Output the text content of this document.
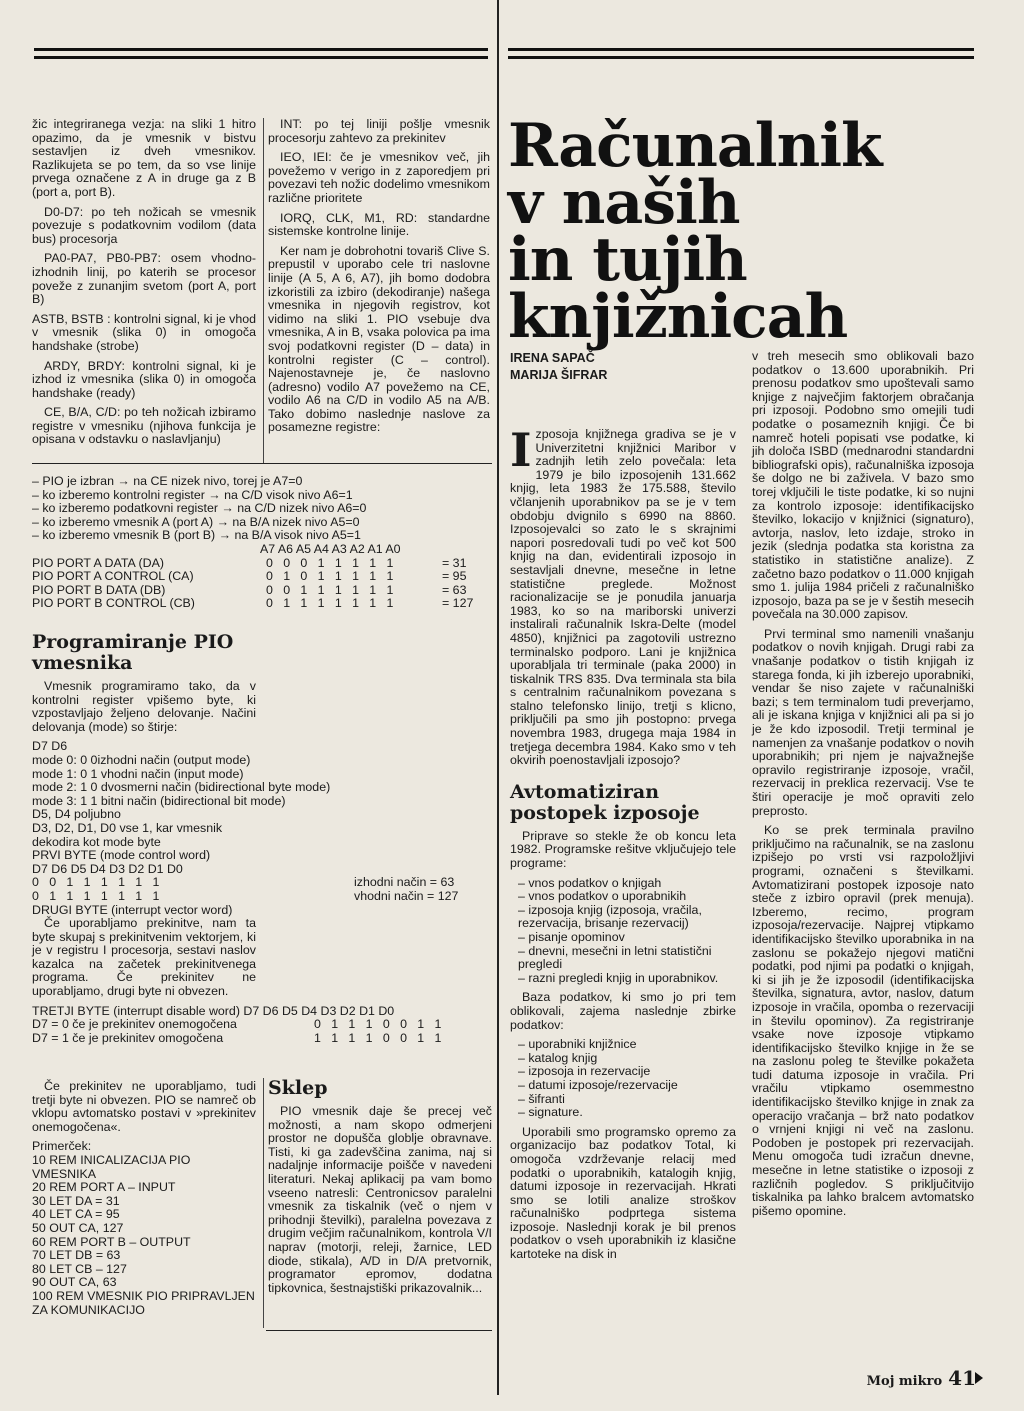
žic integriranega vezja: na sliki 1 hitro opazimo, da je vmesnik v bistvu sestavljen iz dveh vmesnikov. Razlikujeta se po tem, da so vse linije prvega označene z A in druge ga z B (port a, port B).

D0-D7: po teh nožicah se vmesnik povezuje s podatkovnim vodilom (data bus) procesorja

PA0-PA7, PB0-PB7: osem vhodno-izhodnih linij, po katerih se procesor poveže z zunanjim svetom (port A, port B)

ASTB, BSTB : kontrolni signal, ki je vhod v vmesnik (slika 0) in omogoča handshake (strobe)

ARDY, BRDY: kontrolni signal, ki je izhod iz vmesnika (slika 0) in omogoča handshake (ready)

CE, B/A, C/D: po teh nožicah izbiramo registre v vmesniku (njihova funkcija je opisana v odstavku o naslavljanju)

INT: po tej liniji pošlje vmesnik procesorju zahtevo za prekinitev

IEO, IEI: če je vmesnikov več, jih povežemo v verigo in z zaporedjem pri povezavi teh nožic dodelimo vmesnikom različne prioritete

IORQ, CLK, M1, RD: standardne sistemske kontrolne linije.

Ker nam je dobrohotni tovariš Clive S. prepustil v uporabo cele tri naslovne linije (A 5, A 6, A7), jih bomo dodobra izkoristili za izbiro (dekodiranje) našega vmesnika in njegovih registrov, kot vidimo na sliki 1. PIO vsebuje dva vmesnika, A in B, vsaka polovica pa ima svoj podatkovni register (D – data) in kontrolni register (C – control). Najenostavneje je, če naslovno (adresno) vodilo A7 povežemo na CE, vodilo A6 na C/D in vodilo A5 na A/B. Tako dobimo naslednje naslove za posamezne registre:

– PIO je izbran → na CE nizek nivo, torej je A7=0
– ko izberemo kontrolni register → na C/D visok nivo A6=1
– ko izberemo podatkovni register → na C/D nizek nivo A6=0
– ko izberemo vmesnik A (port A) → na B/A nizek nivo A5=0
– ko izberemo vmesnik B (port B) → na B/A visok nivo A5=1
A7 A6 A5 A4 A3 A2 A1 A0
PIO PORT A DATA (DA)	0   0   0   1   1   1   1   1	= 31
PIO PORT A CONTROL (CA)	0   1   0   1   1   1   1   1	= 95
PIO PORT B DATA (DB)	0   0   1   1   1   1   1   1	= 63
PIO PORT B CONTROL (CB)	0   1   1   1   1   1   1   1	= 127
Programiranje PIO vmesnika

Vmesnik programiramo tako, da v kontrolni register vpišemo byte, ki vzpostavljajo željeno delovanje. Načini delovanja (mode) so štirje:

D7 D6
mode 0: 0 0izhodni način (output mode)
mode 1: 0 1 vhodni način (input mode)
mode 2: 1 0 dvosmerni način (bidirectional byte mode)
mode 3: 1 1 bitni način (bidirectional bit mode)
D5, D4 poljubno
D3, D2, D1, D0 vse 1, kar vmesnik dekodira kot mode byte
PRVI BYTE (mode control word)
D7 D6 D5 D4 D3 D2 D1 D0
0   0   1   1   1   1   1   1	izhodni način = 63
0   1   1   1   1   1   1   1	vhodni način = 127
DRUGI BYTE (interrupt vector word)

Če uporabljamo prekinitve, nam ta byte skupaj s prekinitvenim vektorjem, ki je v registru I procesorja, sestavi naslov kazalca na začetek prekinitvenega programa. Če prekinitev ne uporabljamo, drugi byte ni obvezen.

TRETJI BYTE (interrupt disable word) D7 D6 D5 D4 D3 D2 D1 D0
D7 = 0 če je prekinitev onemogočena	0   1   1   1   0   0   1   1
D7 = 1 če je prekinitev omogočena	1   1   1   1   0   0   1   1

Če prekinitev ne uporabljamo, tudi tretji byte ni obvezen. PIO se namreč ob vklopu avtomatsko postavi v »prekinitev onemogočena«.

Primerček:
10 REM INICALIZACIJA PIO VMESNIKA
20 REM PORT A – INPUT
30 LET DA = 31
40 LET CA = 95
50 OUT CA, 127
60 REM PORT B – OUTPUT
70 LET DB = 63
80 LET CB – 127
90 OUT CA, 63
100 REM VMESNIK PIO PRIPRAVLJEN ZA KOMUNIKACIJO
Sklep

PIO vmesnik daje še precej več možnosti, a nam skopo odmerjeni prostor ne dopušča globlje obravnave. Tisti, ki ga zadevščina zanima, naj si nadaljnje informacije poišče v navedeni literaturi. Nekaj aplikacij pa vam bomo vseeno natresli: Centronicsov paralelni vmesnik za tiskalnik (več o njem v prihodnji številki), paralelna povezava z drugim večjim računalnikom, kontrola V/I naprav (motorji, releji, žarnice, LED diode, stikala), A/D in D/A pretvornik, programator epromov, dodatna tipkovnica, šestnajstiški prikazovalnik...

Računalnik
v naših
in tujih
knjižnicah
IRENA SAPAČ
MARIJA ŠIFRAR

Izposoja knjižnega gradiva se je v Univerzitetni knjižnici Maribor v zadnjih letih zelo povečala: leta 1979 je bilo izposojenih 131.662 knjig, leta 1983 že 175.588, število včlanjenih uporabnikov pa se je v tem obdobju dvignilo s 6990 na 8860. Izposojevalci so zato le s skrajnimi napori posredovali tudi po več kot 500 knjig na dan, evidentirali izposojo in sestavljali dnevne, mesečne in letne statistične preglede. Možnost racionalizacije se je ponudila januarja 1983, ko so na mariborski univerzi instalirali računalnik Iskra-Delte (model 4850), knjižnici pa zagotovili ustrezno terminalsko podporo. Lani je knjižnica uporabljala tri terminale (paka 2000) in tiskalnik TRS 835. Dva terminala sta bila s centralnim računalnikom povezana s stalno telefonsko linijo, tretji s klicno, priključili pa smo jih postopno: prvega novembra 1983, drugega maja 1984 in tretjega decembra 1984. Kako smo v teh okvirih poenostavljali izposojo?

Avtomatiziran postopek izposoje

Priprave so stekle že ob koncu leta 1982. Programske rešitve vključujejo tele programe:

– vnos podatkov o knjigah
– vnos podatkov o uporabnikih
– izposoja knjig (izposoja, vračila, rezervacija, brisanje rezervacij)
– pisanje opominov
– dnevni, mesečni in letni statistični pregledi
– razni pregledi knjig in uporabnikov.

Baza podatkov, ki smo jo pri tem oblikovali, zajema naslednje zbirke podatkov:

– uporabniki knjižnice
– katalog knjig
– izposoja in rezervacije
– datumi izposoje/rezervacije
– šifranti
– signature.

Uporabili smo programsko opremo za organizacijo baz podatkov Total, ki omogoča vzdrževanje relacij med podatki o uporabnikih, katalogih knjig, datumi izposoje in rezervacijah. Hkrati smo se lotili analize stroškov računalniško podprtega sistema izposoje. Naslednji korak je bil prenos podatkov o vseh uporabnikih iz klasične kartoteke na disk in

v treh mesecih smo oblikovali bazo podatkov o 13.600 uporabnikih. Pri prenosu podatkov smo upoštevali samo knjige z največjim faktorjem obračanja pri izposoji. Podobno smo omejili tudi podatke o posameznih knjigi. Če bi namreč hoteli popisati vse podatke, ki jih določa ISBD (mednarodni standardni bibliografski opis), računalniška izposoja še dolgo ne bi zaživela. V bazo smo torej vključili le tiste podatke, ki so nujni za kontrolo izposoje: identifikacijsko številko, lokacijo v knjižnici (signaturo), avtorja, naslov, leto izdaje, stroko in jezik (slednja podatka sta koristna za statistiko in statistične analize). Z začetno bazo podatkov o 11.000 knjigah smo 1. julija 1984 pričeli z računalniško izposojo, baza pa se je v šestih mesecih povečala na 30.000 zapisov.

Prvi terminal smo namenili vnašanju podatkov o novih knjigah. Drugi rabi za vnašanje podatkov o tistih knjigah iz starega fonda, ki jih izberejo uporabniki, vendar še niso zajete v računalniški bazi; s tem terminalom tudi preverjamo, ali je iskana knjiga v knjižnici ali pa si jo je že kdo izposodil. Tretji terminal je namenjen za vnašanje podatkov o novih uporabnikih; pri njem je najvažnejše opravilo registriranje izposoje, vračil, rezervacij in preklica rezervacij. Vse te štiri operacije je moč opraviti zelo preprosto.

Ko se prek terminala pravilno priključimo na računalnik, se na zaslonu izpišejo po vrsti vsi razpoložljivi programi, označeni s številkami. Avtomatizirani postopek izposoje nato steče z izbiro opravil (prek menuja). Izberemo, recimo, program izposoja/rezervacije. Najprej vtipkamo identifikacijsko številko uporabnika in na zaslonu se pokažejo njegovi matični podatki, pod njimi pa podatki o knjigah, ki si jih je že izposodil (identifikacijska številka, signatura, avtor, naslov, datum izposoje in vračila, opomba o rezervaciji in številu opominov). Za registriranje vsake nove izposoje vtipkamo identifikacijsko številko knjige in že se na zaslonu poleg te številke pokažeta tudi datuma izposoje in vračila. Pri vračilu vtipkamo osemmestno identifikacijsko številko knjige in znak za operacijo vračanja – brž nato podatkov o vrnjeni knjigi ni več na zaslonu. Podoben je postopek pri rezervacijah. Menu omogoča tudi izračun dnevne, mesečne in letne statistike o izposoji z različnih pogledov. S priključitvijo tiskalnika pa lahko bralcem avtomatsko pišemo opomine.

Moj mikro 41
